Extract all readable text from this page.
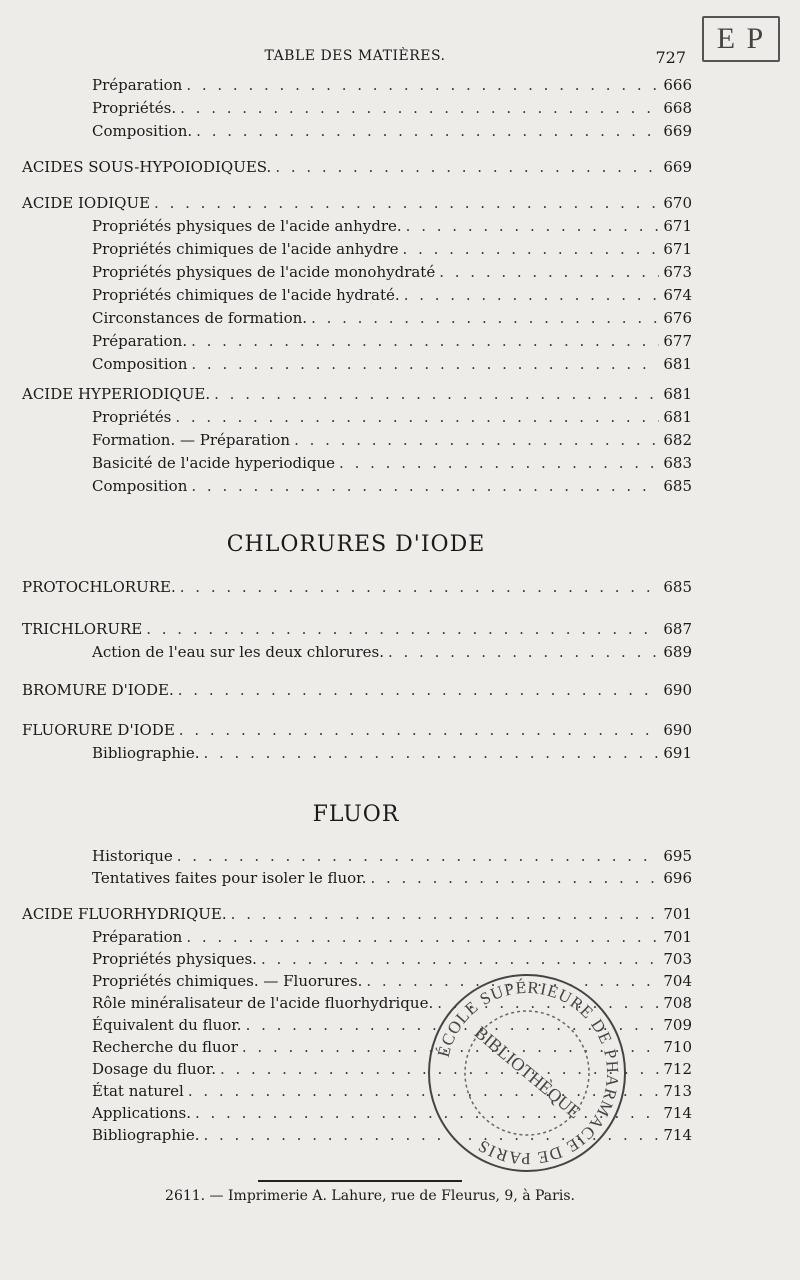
TABLE DES MATIÈRES.	727
E P
Préparation . . .	666
Propriétés. . . .	668
Composition. . . .	669
ACIDES SOUS-HYPOIODIQUES. . . .	669
ACIDE IODIQUE . . .	670
Propriétés physiques de l'acide anhydre. . . .	671
Propriétés chimiques de l'acide anhydre . . .	671
Propriétés physiques de l'acide monohydraté . . .	673
Propriétés chimiques de l'acide hydraté. . . .	674
Circonstances de formation. . . .	676
Préparation. . . .	677
Composition . . .	681
ACIDE HYPERIODIQUE. . . .	681
Propriétés . . .	681
Formation. — Préparation . . .	682
Basicité de l'acide hyperiodique . . .	683
Composition . . .	685
CHLORURES D'IODE
PROTOCHLORURE. . . .	685
TRICHLORURE . . .	687
Action de l'eau sur les deux chlorures. . . .	689
BROMURE D'IODE. . . .	690
FLUORURE D'IODE . . .	690
Bibliographie. . . .	691
FLUOR
Historique . . .	695
Tentatives faites pour isoler le fluor. . . .	696
ACIDE FLUORHYDRIQUE. . . .	701
Préparation . . .	701
Propriétés physiques. . . .	703
Propriétés chimiques. — Fluorures. . . .	704
Rôle minéralisateur de l'acide fluorhydrique. . . .	708
Équivalent du fluor. . . .	709
Recherche du fluor . . .	710
Dosage du fluor. . . .	712
État naturel . . .	713
Applications. . . .	714
Bibliographie. . . .	714
ÉCOLE SUPÉRIEURE DE PHARMACIE DE PARIS
BIBLIOTHÈQUE
2611. — Imprimerie A. Lahure, rue de Fleurus, 9, à Paris.
